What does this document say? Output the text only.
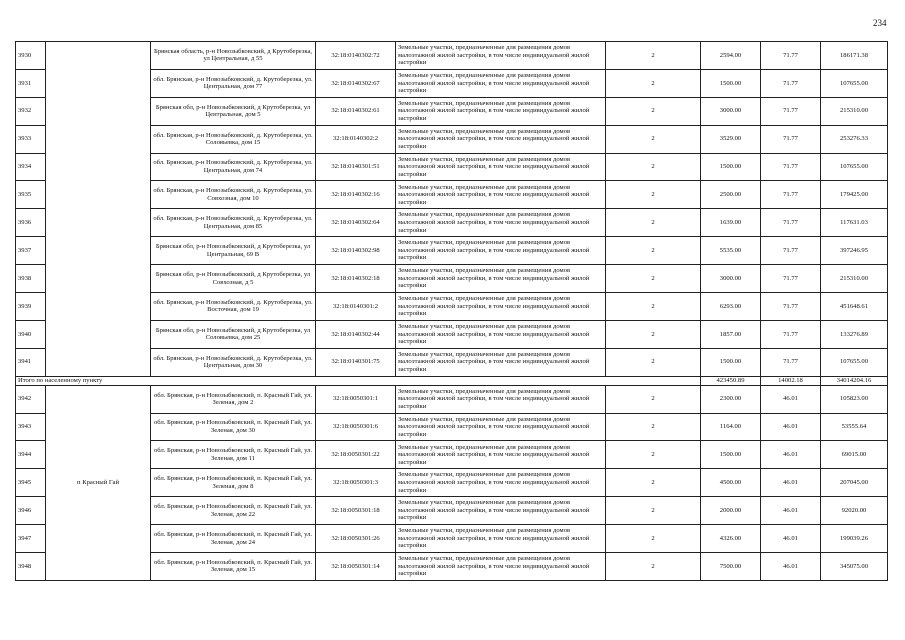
234
3930		Брянская область, р-н Новозыбковский, д Крутоберезка, ул Центральная, д 55	32:18:0140302:72	Земельные участки, предназначенные для размещения домов малоэтажной жилой застройки, в том числе индивидуальной жилой застройки	2	2594.00	71.77	186171.38
3931		обл. Брянская, р-н Новозыбковский, д. Крутоберезка, ул. Центральная, дом 77	32:18:0140302:67	Земельные участки, предназначенные для размещения домов малоэтажной жилой застройки, в том числе индивидуальной жилой застройки	2	1500.00	71.77	107655.00
3932		Брянская обл, р-н Новозыбковский, д Крутоберезка, ул Центральная, дом 5	32:18:0140302:61	Земельные участки, предназначенные для размещения домов малоэтажной жилой застройки, в том числе индивидуальной жилой застройки	2	3000.00	71.77	215310.00
3933		обл. Брянская, р-н Новозыбковский, д. Крутоберезка, ул. Соловьевка, дом 15	32:18:0140302:2	Земельные участки, предназначенные для размещения домов малоэтажной жилой застройки, в том числе индивидуальной жилой застройки	2	3529.00	71.77	253276.33
3934		обл. Брянская, р-н Новозыбковский, д. Крутоберезка, ул. Центральная, дом 74	32:18:0140301:51	Земельные участки, предназначенные для размещения домов малоэтажной жилой застройки, в том числе индивидуальной жилой застройки	2	1500.00	71.77	107655.00
3935		обл. Брянская, р-н Новозыбковский, д. Крутоберезка, ул. Совхозная, дом 10	32:18:0140302:16	Земельные участки, предназначенные для размещения домов малоэтажной жилой застройки, в том числе индивидуальной жилой застройки	2	2500.00	71.77	179425.00
3936		обл. Брянская, р-н Новозыбковский, д. Крутоберезка, ул. Центральная, дом 85	32:18:0140302:64	Земельные участки, предназначенные для размещения домов малоэтажной жилой застройки, в том числе индивидуальной жилой застройки	2	1639.00	71.77	117631.03
3937		Брянская обл, р-н Новозыбковский, д Крутоберезка, ул Центральная, 69 В	32:18:0140302:98	Земельные участки, предназначенные для размещения домов малоэтажной жилой застройки, в том числе индивидуальной жилой застройки	2	5535.00	71.77	397246.95
3938		Брянская обл, р-н Новозыбковский, д Крутоберезка, ул Совхозная, д 5	32:18:0140302:18	Земельные участки, предназначенные для размещения домов малоэтажной жилой застройки, в том числе индивидуальной жилой застройки	2	3000.00	71.77	215310.00
3939		обл. Брянская, р-н Новозыбковский, д. Крутоберезка, ул. Восточная, дом 19	32:18:0140301:2	Земельные участки, предназначенные для размещения домов малоэтажной жилой застройки, в том числе индивидуальной жилой застройки	2	6293.00	71.77	451648.61
3940		Брянская обл, р-н Новозыбковский, д Крутоберезка, ул Соловьевка, дом 25	32:18:0140302:44	Земельные участки, предназначенные для размещения домов малоэтажной жилой застройки, в том числе индивидуальной жилой застройки	2	1857.00	71.77	133276.89
3941		обл. Брянская, р-н Новозыбковский, д. Крутоберезка, ул. Центральная, дом 30	32:18:0140301:75	Земельные участки, предназначенные для размещения домов малоэтажной жилой застройки, в том числе индивидуальной жилой застройки	2	1500.00	71.77	107655.00
Итого по населенному пункту						423450.89	14002.18	34014204.16
3942	п Красный Гай	обл. Брянская, р-н Новозыбковский, п. Красный Гай, ул. Зеленая, дом 2	32:18:0050301:1	Земельные участки, предназначенные для размещения домов малоэтажной жилой застройки, в том числе индивидуальной жилой застройки	2	2300.00	46.01	105823.00
3943		обл. Брянская, р-н Новозыбковский, п. Красный Гай, ул. Зеленая, дом 30	32:18:0050301:6	Земельные участки, предназначенные для размещения домов малоэтажной жилой застройки, в том числе индивидуальной жилой застройки	2	1164.00	46.01	53555.64
3944		обл. Брянская, р-н Новозыбковский, п. Красный Гай, ул. Зеленая, дом 11	32:18:0050301:22	Земельные участки, предназначенные для размещения домов малоэтажной жилой застройки, в том числе индивидуальной жилой застройки	2	1500.00	46.01	69015.00
3945		обл. Брянская, р-н Новозыбковский, п. Красный Гай, ул. Зеленая, дом 8	32:18:0050301:3	Земельные участки, предназначенные для размещения домов малоэтажной жилой застройки, в том числе индивидуальной жилой застройки	2	4500.00	46.01	207045.00
3946		обл. Брянская, р-н Новозыбковский, п. Красный Гай, ул. Зеленая, дом 22	32:18:0050301:18	Земельные участки, предназначенные для размещения домов малоэтажной жилой застройки, в том числе индивидуальной жилой застройки	2	2000.00	46.01	92020.00
3947		обл. Брянская, р-н Новозыбковский, п. Красный Гай, ул. Зеленая, дом 24	32:18:0050301:26	Земельные участки, предназначенные для размещения домов малоэтажной жилой застройки, в том числе индивидуальной жилой застройки	2	4326.00	46.01	199039.26
3948		обл. Брянская, р-н Новозыбковский, п. Красный Гай, ул. Зеленая, дом 15	32:18:0050301:14	Земельные участки, предназначенные для размещения домов малоэтажной жилой застройки, в том числе индивидуальной жилой застройки	2	7500.00	46.01	345075.00
